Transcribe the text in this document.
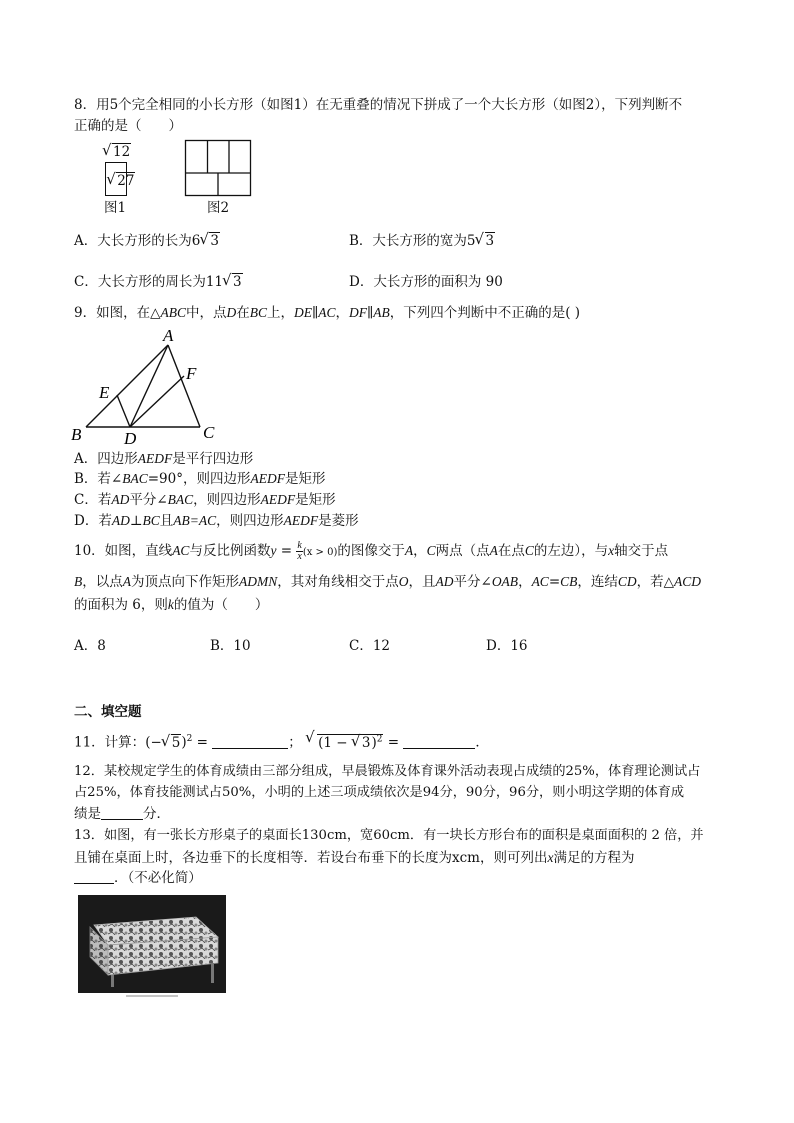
8．用5个完全相同的小长方形（如图1）在无重叠的情况下拼成了一个大长方形（如图2），下列判断不
正确的是（　　）
√ 12 √ 27
图1	图2
A．大长方形的长为6 √ 3	B．大长方形的宽为5 √ 3
C．大长方形的周长为11 √ 3	D．大长方形的面积为 90
9．如图，在△ABC中，点D在BC上，DE∥AC，DF∥AB，下列四个判断中不正确的是( )
A
B	C
D
E
F
A．四边形AEDF是平行四边形
B．若∠BAC=90°，则四边形AEDF是矩形
C．若AD平分∠BAC，则四边形AEDF是矩形
D．若AD⊥BC且AB=AC，则四边形AEDF是菱形
10．如图，直线AC与反比例函数$y = \frac{k}{x} (x > 0)$的图像交于A，C两点（点A在点C的左边），与x轴交于点
B，以点A为顶点向下作矩形ADMN，其对角线相交于点O，且AD平分∠OAB，AC=CB，连结CD，若△ACD
的面积为 6，则k的值为（　　）
A．8	B．10	C．12	D．16
二、填空题
11．计算：(− √ 5)$^2$ =	； √ (1 − √ 3)$^2$ =	．
12．某校规定学生的体育成绩由三部分组成，早晨锻炼及体育课外活动表现占成绩的25%，体育理论测试占
占25%，体育技能测试占50%，小明的上述三项成绩依次是94分，90分，96分，则小明这学期的体育成
绩是	分．
13．如图，有一张长方形桌子的桌面长130cm，宽60cm．有一块长方形台布的面积是桌面面积的 2 倍，并
且铺在桌面上时，各边垂下的长度相等．若设台布垂下的长度为xcm，则可列出x满足的方程为
．（不必化简）
